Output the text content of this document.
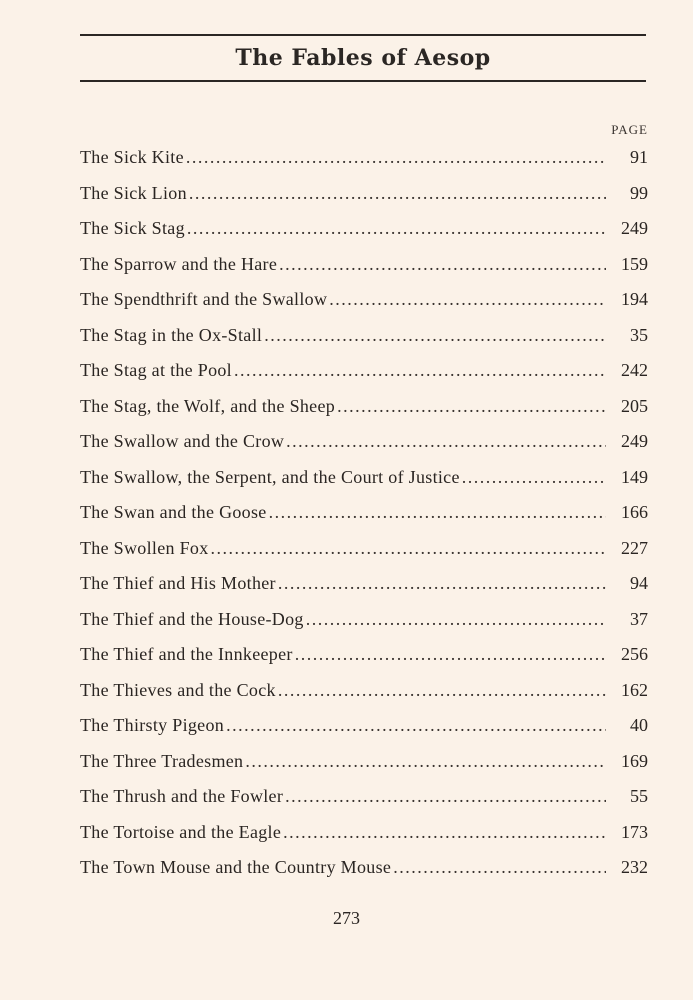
The Fables of Aesop
PAGE
The Sick Kite . . .	91
The Sick Lion . . .	99
The Sick Stag . . .	249
The Sparrow and the Hare . . .	159
The Spendthrift and the Swallow . . .	194
The Stag in the Ox-Stall . . .	35
The Stag at the Pool . . .	242
The Stag, the Wolf, and the Sheep . . .	205
The Swallow and the Crow . . .	249
The Swallow, the Serpent, and the Court of Justice . . .	149
The Swan and the Goose . . .	166
The Swollen Fox . . .	227
The Thief and His Mother . . .	94
The Thief and the House-Dog . . .	37
The Thief and the Innkeeper . . .	256
The Thieves and the Cock . . .	162
The Thirsty Pigeon . . .	40
The Three Tradesmen . . .	169
The Thrush and the Fowler . . .	55
The Tortoise and the Eagle . . .	173
The Town Mouse and the Country Mouse . . .	232
273
